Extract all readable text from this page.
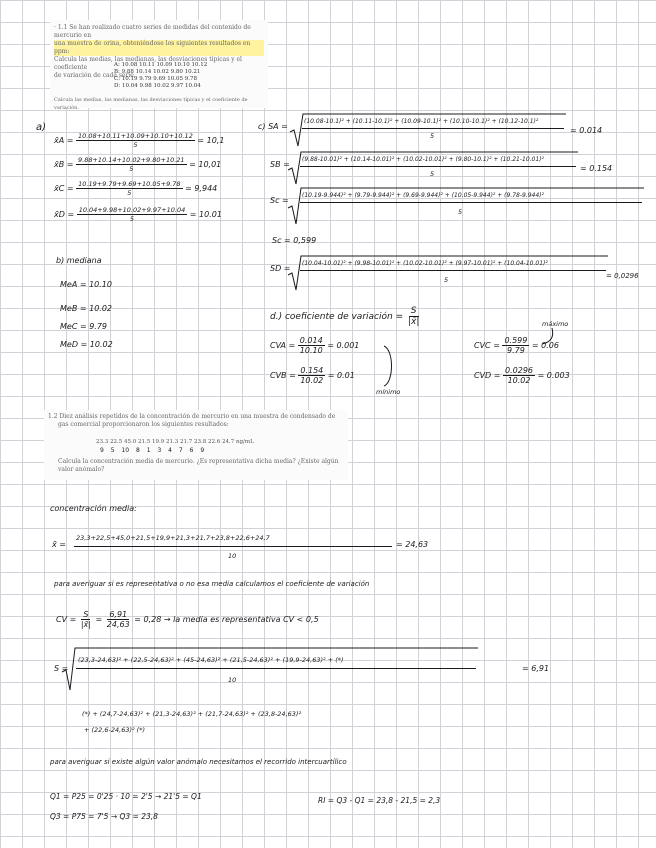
· 1.1 Se han realizado cuatro series de medidas del contenido de mercurio en
una muestra de orina, obteniéndose los siguientes resultados en ppm:
Calcula las medias, las medianas, las desviaciones típicas y el coeficiente
de variación de cada serie.
A: 10.08 10.11 10.09 10.10 10.12
B: 9.88 10.14 10.02 9.80 10.21
C: 10.19 9.79 9.69 10.05 9.78
D: 10.04 9.98 10.02 9.97 10.04
Calcula las medias, las medianas, las desviaciones típicas y el coeficiente de variación.
a)
x̄A = $\frac{10.08+10.11+10.09+10.10+10.12}{5} = 10,1$
x̄B = $\frac{9.88+10.14+10.02+9.80+10.21}{5} = 10,01$
x̄C = $\frac{10.19+9.79+9.69+10.05+9.78}{5} = 9,944$
x̄D = $\frac{10.04+9.98+10.02+9.97+10.04}{5} = 10.01$
b) mediana
MeA = 10.10
MeB = 10.02
MeC = 9.79
MeD = 10.02
c) SA =
(10.08-10.1)² + (10.11-10.1)² + (10.09-10.1)² + (10.10-10.1)² + (10.12-10.1)²
5
= 0.014
SB =
(9.88-10.01)² + (10.14-10.01)² + (10.02-10.01)² + (9.80-10.1)² + (10.21-10.01)²
5
= 0.154
Sc =
(10.19-9.944)² + (9.79-9.944)² + (9.69-9.944)² + (10.05-9.944)² + (9.78-9.944)²
5
Sc = 0,599
SD =
(10.04-10.01)² + (9.98-10.01)² + (10.02-10.01)² + (9.97-10.01)² + (10.04-10.01)²
5	= 0,0296
d.) coeficiente de variación = $\frac{S}{|x̄|}$	máximo
CVA = $\frac{0.014}{10.10} = 0.001$
CVB = $\frac{0.154}{10.02} = 0.01$
mínimo
CVC = $\frac{0.599}{9.79} = 0.06$
CVD = $\frac{0.0296}{10.02} = 0.003$
1.2 Diez análisis repetidos de la concentración de mercurio en una muestra de condensado de
gas comercial proporcionaron los siguientes resultados:
23.3 22.5 45.0 21.5 19.9 21.3 21.7 23.8 22.6 24.7 ng/mL
9 5 10 8 1 3 4 7 6 9
Calcula la concentración media de mercurio. ¿Es representativa dicha media? ¿Existe algún
valor anómalo?
concentración media:
x̄ =
23,3+22,5+45,0+21,5+19,9+21,3+21,7+23,8+22,6+24,7
10
= 24,63
para averiguar si es representativa o no esa media calculamos el coeficiente de variación
CV = $\frac{S}{|x̄|} = \frac{6,91}{24,63} = 0,28$ → la media es representativa CV < 0,5
S =
(23,3-24,63)² + (22,5-24,63)² + (45-24,63)² + (21,5-24,63)² + (19,9-24,63)² + (*)
10
= 6,91
(*) + (24,7-24,63)² + (21,3-24,63)² + (21,7-24,63)² + (23,8-24,63)²
+ (22,6-24,63)² (*)
para averiguar si existe algún valor anómalo necesitamos el recorrido intercuartílico
Q1 = P25 = 0'25 · 10 = 2'5 → 21'5 = Q1
Q3 = P75 = 7'5 → Q3 = 23,8
RI = Q3 - Q1 = 23,8 - 21,5 = 2,3
